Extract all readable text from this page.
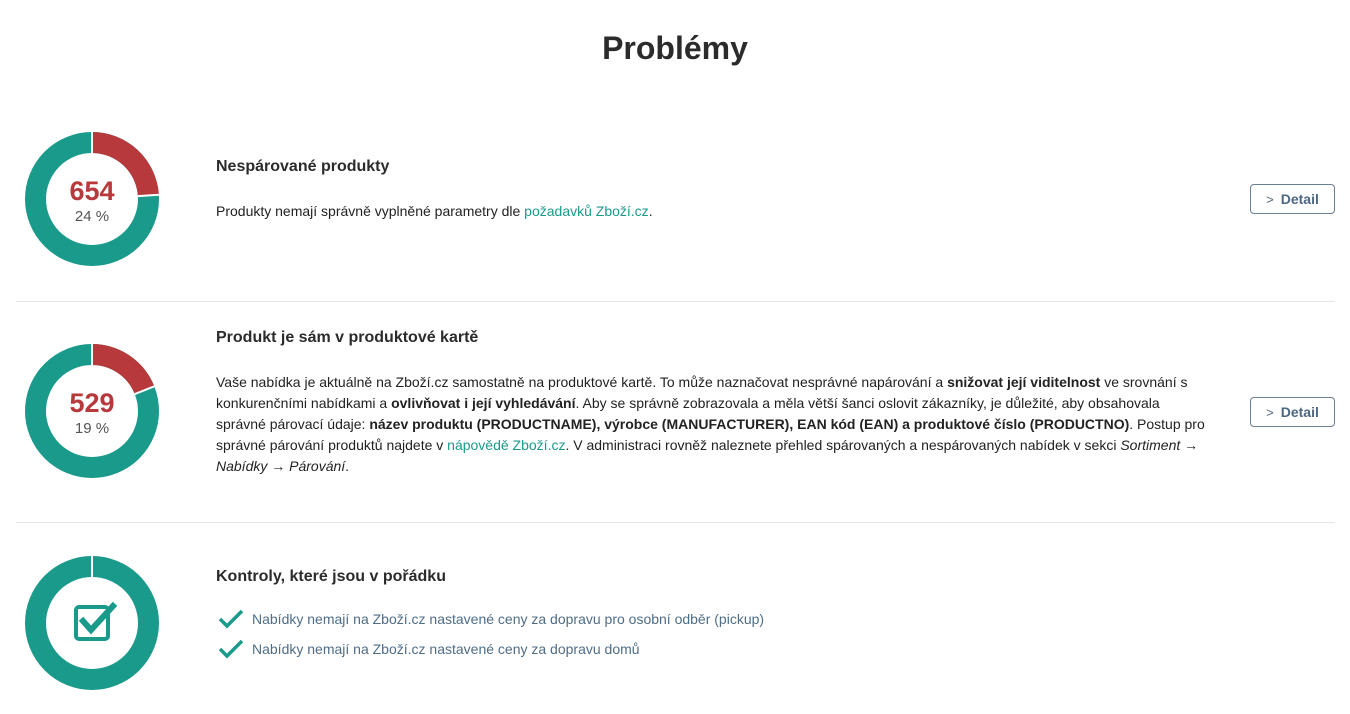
Problémy
654
24 %
Nespárované produkty

Produkty nemají správně vyplněné parametry dle požadavků Zboží.cz.

> Detail
529
19 %
Produkt je sám v produktové kartě

Vaše nabídka je aktuálně na Zboží.cz samostatně na produktové kartě. To může naznačovat nesprávné napárování a snižovat její viditelnost ve srovnání s konkurenčními nabídkami a ovlivňovat i její vyhledávání. Aby se správně zobrazovala a měla větší šanci oslovit zákazníky, je důležité, aby obsahovala správné párovací údaje: název produktu (PRODUCTNAME), výrobce (MANUFACTURER), EAN kód (EAN) a produktové číslo (PRODUCTNO). Postup pro správné párování produktů najdete v nápovědě Zboží.cz. V administraci rovněž naleznete přehled spárovaných a nespárovaných nabídek v sekci Sortiment → Nabídky → Párování.

> Detail
Kontroly, které jsou v pořádku
Nabídky nemají na Zboží.cz nastavené ceny za dopravu pro osobní odběr (pickup)
Nabídky nemají na Zboží.cz nastavené ceny za dopravu domů
